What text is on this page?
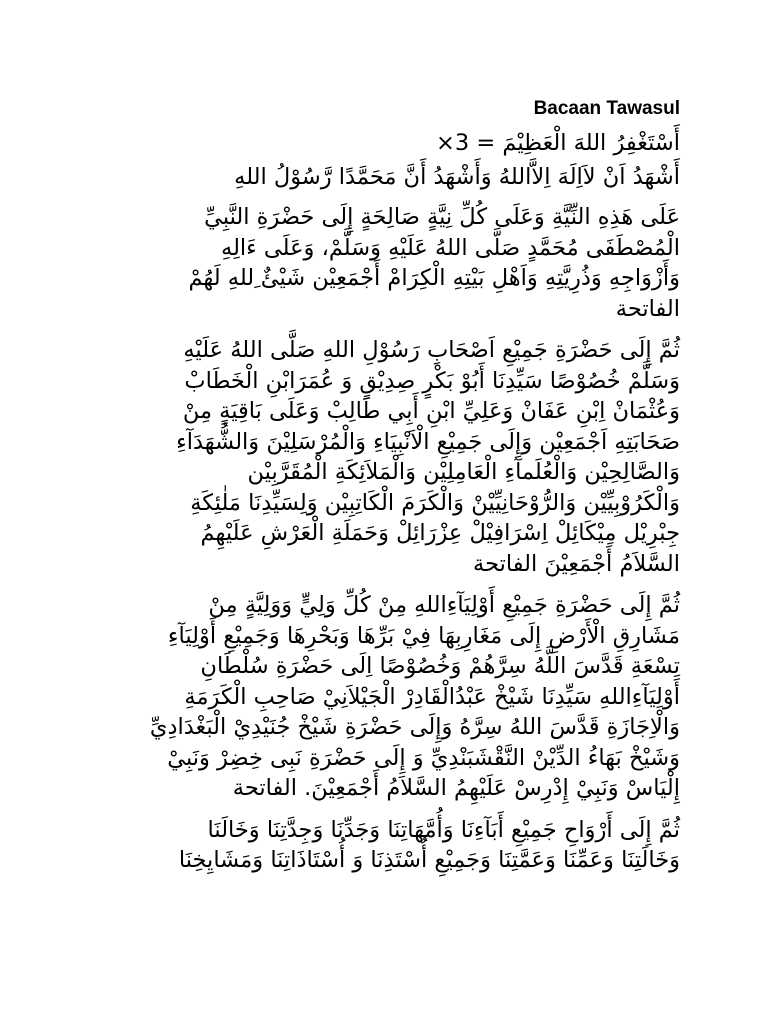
Bacaan Tawasul

أَسْتَغْفِرُ اللهَ الْعَظِيْمَ = 3×

أَشْهَدُ اَنْ لاَاِلَهَ اِلاَّاللهُ وَأَشْهَدُ أَنَّ مَحَمَّدًا رَّسُوْلُ اللهِ

عَلَى هَذِهِ النِّيَّةِ وَعَلَى كُلِّ نِيَّةٍ صَالِحَةٍ إِلَى حَضْرَةِ النَّبِيِّ
الْمُصْطَفَى مُحَمَّدٍ صَلَّى اللهُ عَلَيْهِ وَسَلَّمْ، وَعَلَى ءَالِهِ
وَأَزْوَاجِهِ وَذُرِيَّتِهِ وَاَهْلِ بَيْتِهِ الْكِرَامْ أَجْمَعِيْن شَيْئٌ ِللهِ لَهُمْ
الفاتحة

ثُمَّ إِلَى حَضْرَةِ جَمِيْعِ اَصْحَابِ رَسُوْلِ اللهِ صَلَّى اللهُ عَلَيْهِ
وَسَلَّمْ خُصُوْصًا سَيِّدِنَا أَبُوْ بَكْرٍ صِدِيْقٍ وَ عُمَرَابْنِ الْخَطَابْ
وَعُثْمَانْ اِبْنِ عَفَانْ وَعَلِيِّ ابْنِ أَبِي طَالِبْ وَعَلَى بَاقِيَةٍ مِنْ
صَحَابَتِهِ اَجْمَعِيْن وَإِلَى جَمِيْعِ الْاَنْبِيَاءِ وَالْمُرْسَلِيْنَ وَالشُّهَدَآءِ
وَالصَّالِحِيْن وَالْعُلَمآءِ الْعَامِلِيْن وَالْمَلاَئِكَةِ الْمُقَرَّبِيْن
وَالْكَرُوْبِيِّيْن وَالرُّوْحَانِيِّيْنْ وَالْكَرَمَ الْكَاتِبِيْن وَلِسَيِّدِنَا مَلٰئِكَةِ
جِبْرِيْل مِيْكَائِلْ اِسْرَافِيْلْ عِزْرَائِلْ وَحَمَلَةِ الْعَرْشِ عَلَيْهِمُ
السَّلاَمُ أَجْمَعِيْنَ الفاتحة

ثُمَّ إِلَى حَضْرَةِ جَمِيْعِ أَوْلِيَآءِاللهِ مِنْ كُلِّ وَلِيٍّ وَوَلِيَّةٍ مِنْ
مَشَارِقِ الْأَرْضِ إِلَى مَغَارِبِهَا فِيْ بَرِّهَا وَبَحْرِهَا وَجَمِيْعِ أَوْلِيَآءِ
تِسْعَةِ قَدَّسَ اللَّهُ سِرَّهُمْ وَخُصُوْصًا اِلَى حَضْرَةِ سُلْطَانِ
أَوْلِيَآءِاللهِ سَيِّدِنَا شَيْخْ عَبْدُالْقَادِرْ الْجَيْلاَنِيْ صَاحِبِ الْكَرَمَةِ
وَالْاِجَازَةِ قَدَّسَ اللهُ سِرَّهُ وَإِلَى حَضْرَةِ شَيْخْ جُنَيْدِيْ الْبَغْدَادِيِّ
وَشَيْخْ بَهَاءُ الدِّيْنْ النَّقْشَبَنْدِيِّ وَ إِلَى حَضْرَةِ نَبِى خِضِرْ وَنَبِيْ
إِلْيَاسْ وَنَبِيْ إِدْرِسْ عَلَيْهِمُ السَّلاَمُ أَجْمَعِيْنَ. الفاتحة

ثُمَّ إِلَى أَرْوَاحِ جَمِيْعِ أَبَآءِنَا وَأُمَّهَاتِنَا وَجَدِّنَا وَجِدَّتِنَا وَخَالَنَا
وَخَالَتِنَا وَعَمِّنَا وَعَمَّتِنَا وَجَمِيْعِ أُسْتَذِنَا وَ أُسْتَاذَاتِنَا وَمَشَايِخِنَا
